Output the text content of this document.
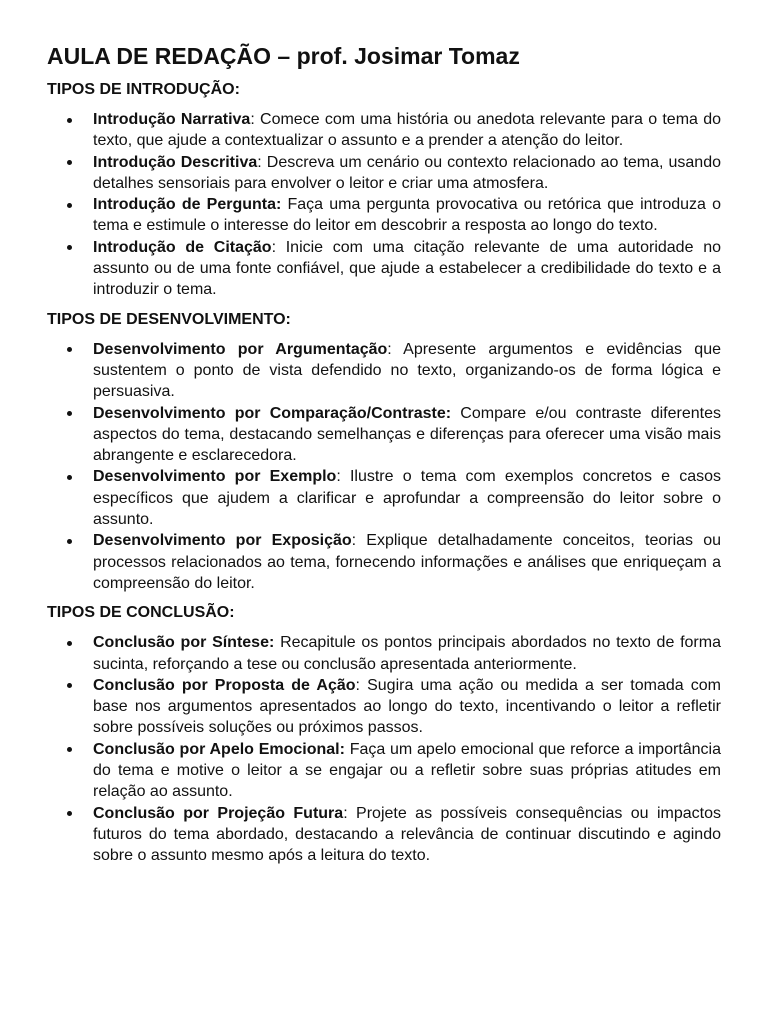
AULA DE REDAÇÃO – prof. Josimar Tomaz
TIPOS DE INTRODUÇÃO:
Introdução Narrativa: Comece com uma história ou anedota relevante para o tema do texto, que ajude a contextualizar o assunto e a prender a atenção do leitor.
Introdução Descritiva: Descreva um cenário ou contexto relacionado ao tema, usando detalhes sensoriais para envolver o leitor e criar uma atmosfera.
Introdução de Pergunta: Faça uma pergunta provocativa ou retórica que introduza o tema e estimule o interesse do leitor em descobrir a resposta ao longo do texto.
Introdução de Citação: Inicie com uma citação relevante de uma autoridade no assunto ou de uma fonte confiável, que ajude a estabelecer a credibilidade do texto e a introduzir o tema.
TIPOS DE DESENVOLVIMENTO:
Desenvolvimento por Argumentação: Apresente argumentos e evidências que sustentem o ponto de vista defendido no texto, organizando-os de forma lógica e persuasiva.
Desenvolvimento por Comparação/Contraste: Compare e/ou contraste diferentes aspectos do tema, destacando semelhanças e diferenças para oferecer uma visão mais abrangente e esclarecedora.
Desenvolvimento por Exemplo: Ilustre o tema com exemplos concretos e casos específicos que ajudem a clarificar e aprofundar a compreensão do leitor sobre o assunto.
Desenvolvimento por Exposição: Explique detalhadamente conceitos, teorias ou processos relacionados ao tema, fornecendo informações e análises que enriqueçam a compreensão do leitor.
TIPOS DE CONCLUSÃO:
Conclusão por Síntese: Recapitule os pontos principais abordados no texto de forma sucinta, reforçando a tese ou conclusão apresentada anteriormente.
Conclusão por Proposta de Ação: Sugira uma ação ou medida a ser tomada com base nos argumentos apresentados ao longo do texto, incentivando o leitor a refletir sobre possíveis soluções ou próximos passos.
Conclusão por Apelo Emocional: Faça um apelo emocional que reforce a importância do tema e motive o leitor a se engajar ou a refletir sobre suas próprias atitudes em relação ao assunto.
Conclusão por Projeção Futura: Projete as possíveis consequências ou impactos futuros do tema abordado, destacando a relevância de continuar discutindo e agindo sobre o assunto mesmo após a leitura do texto.
